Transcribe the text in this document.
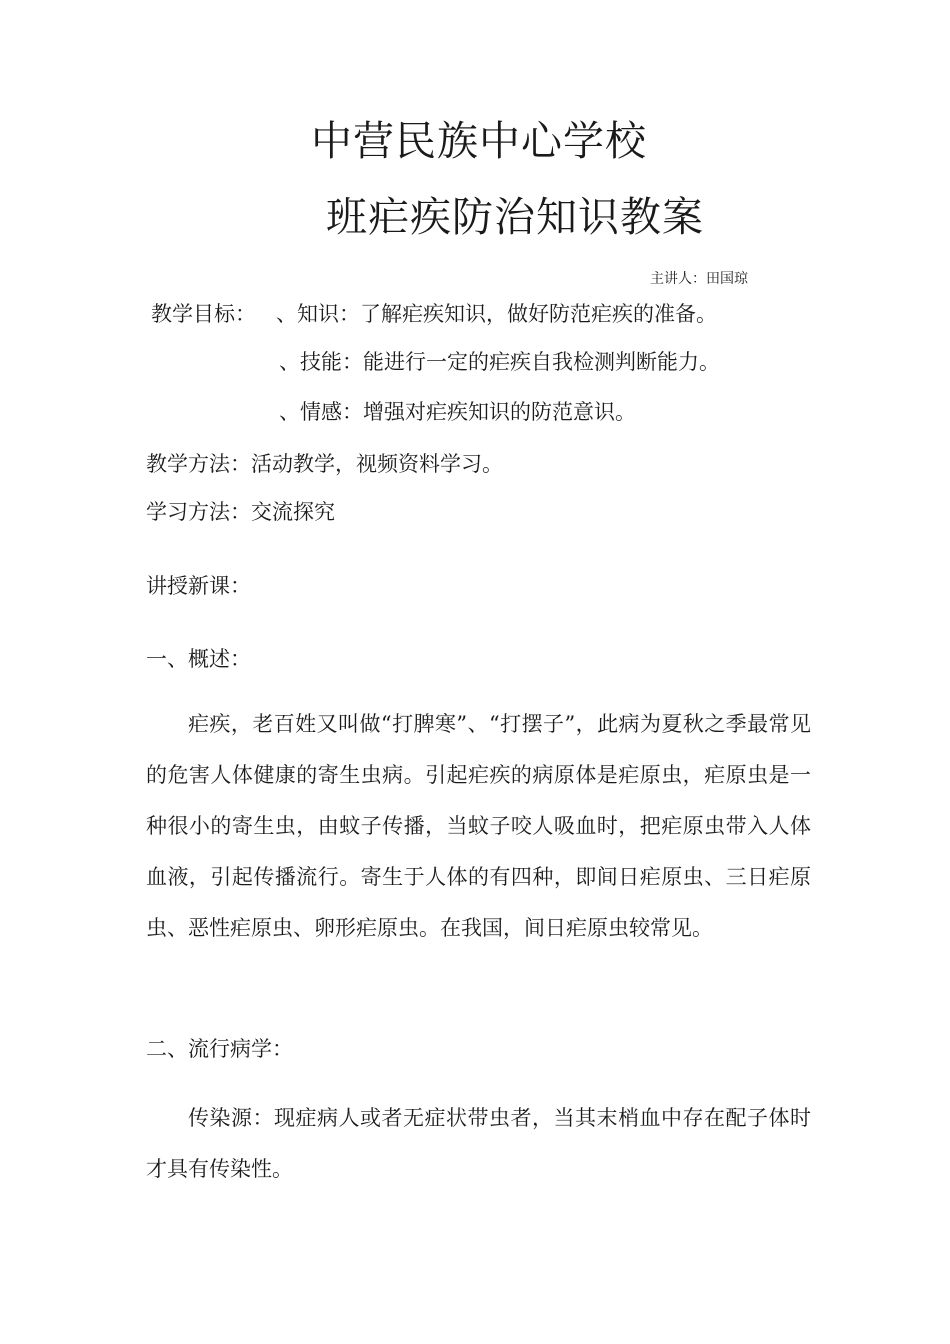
中营民族中心学校
班疟疾防治知识教案
主讲人：田国琼
教学目标： 、知识：了解疟疾知识，做好防范疟疾的准备。
、技能：能进行一定的疟疾自我检测判断能力。
、情感：增强对疟疾知识的防范意识。
教学方法：活动教学，视频资料学习。
学习方法：交流探究
讲授新课：
一、概述：
疟疾，老百姓又叫做“打脾寒”、“打摆子”，此病为夏秋之季最常见的危害人体健康的寄生虫病。引起疟疾的病原体是疟原虫，疟原虫是一种很小的寄生虫，由蚊子传播，当蚊子咬人吸血时，把疟原虫带入人体血液，引起传播流行。寄生于人体的有四种，即间日疟原虫、三日疟原虫、恶性疟原虫、卵形疟原虫。在我国，间日疟原虫较常见。
二、流行病学：
传染源：现症病人或者无症状带虫者，当其末梢血中存在配子体时才具有传染性。
